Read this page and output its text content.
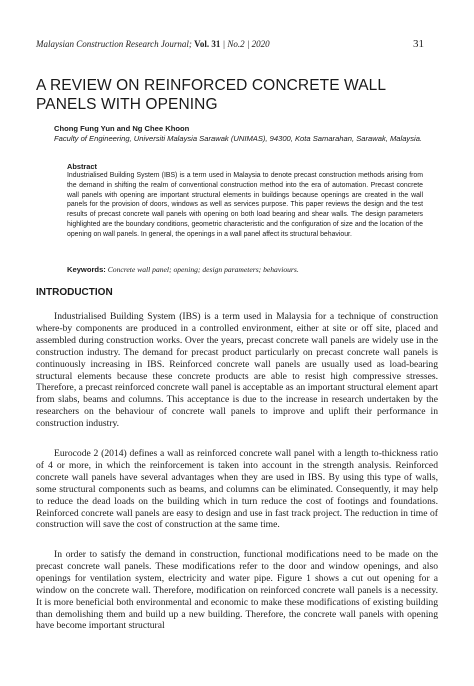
Malaysian Construction Research Journal; Vol. 31 | No.2 | 2020	31
A REVIEW ON REINFORCED CONCRETE WALL PANELS WITH OPENING
Chong Fung Yun and Ng Chee Khoon
Faculty of Engineering, Universiti Malaysia Sarawak (UNIMAS), 94300, Kota Samarahan, Sarawak, Malaysia.
Abstract

Industrialised Building System (IBS) is a term used in Malaysia to denote precast construction methods arising from the demand in shifting the realm of conventional construction method into the era of automation. Precast concrete wall panels with opening are important structural elements in buildings because openings are created in the wall panels for the provision of doors, windows as well as services purpose. This paper reviews the design and the test results of precast concrete wall panels with opening on both load bearing and shear walls. The design parameters highlighted are the boundary conditions, geometric characteristic and the configuration of size and the location of the opening on wall panels. In general, the openings in a wall panel affect its structural behaviour.

Keywords: Concrete wall panel; opening; design parameters; behaviours.
INTRODUCTION

Industrialised Building System (IBS) is a term used in Malaysia for a technique of construction where-by components are produced in a controlled environment, either at site or off site, placed and assembled during construction works. Over the years, precast concrete wall panels are widely use in the construction industry. The demand for precast product particularly on precast concrete wall panels is continuously increasing in IBS. Reinforced concrete wall panels are usually used as load-bearing structural elements because these concrete products are able to resist high compressive stresses. Therefore, a precast reinforced concrete wall panel is acceptable as an important structural element apart from slabs, beams and columns. This acceptance is due to the increase in research undertaken by the researchers on the behaviour of concrete wall panels to improve and uplift their performance in construction industry.

Eurocode 2 (2014) defines a wall as reinforced concrete wall panel with a length to-thickness ratio of 4 or more, in which the reinforcement is taken into account in the strength analysis. Reinforced concrete wall panels have several advantages when they are used in IBS. By using this type of walls, some structural components such as beams, and columns can be eliminated. Consequently, it may help to reduce the dead loads on the building which in turn reduce the cost of footings and foundations. Reinforced concrete wall panels are easy to design and use in fast track project. The reduction in time of construction will save the cost of construction at the same time.

In order to satisfy the demand in construction, functional modifications need to be made on the precast concrete wall panels. These modifications refer to the door and window openings, and also openings for ventilation system, electricity and water pipe. Figure 1 shows a cut out opening for a window on the concrete wall. Therefore, modification on reinforced concrete wall panels is a necessity. It is more beneficial both environmental and economic to make these modifications of existing building than demolishing them and build up a new building. Therefore, the concrete wall panels with opening have become important structural
